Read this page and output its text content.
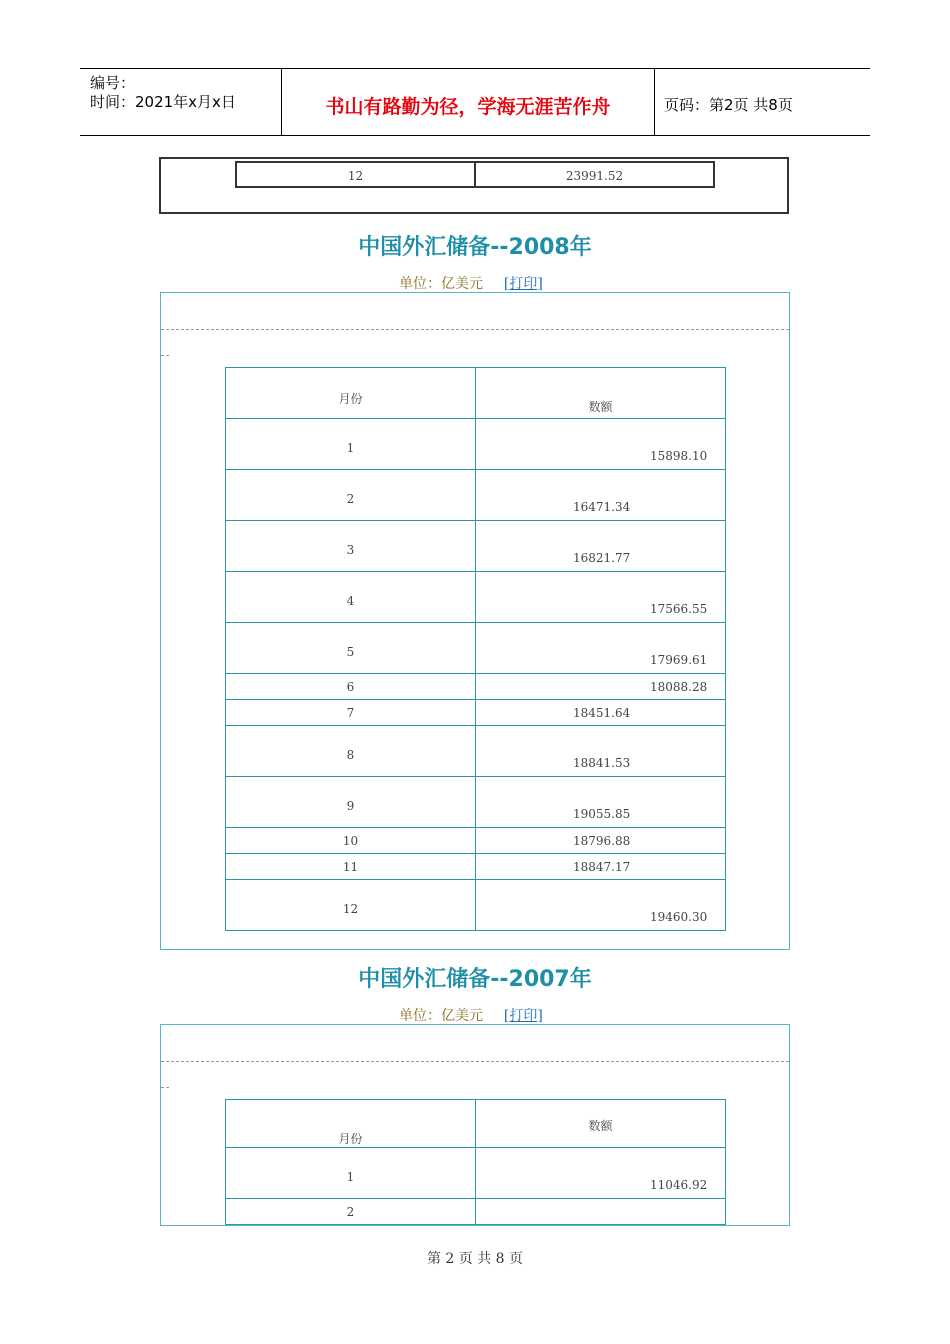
编号：
时间：2021年x月x日	书山有路勤为径，学海无涯苦作舟	页码：第2页 共8页
12	23991.52
中国外汇储备--2008年
单位：亿美元 [打印]
月份	数额

1	15898.10

2	16471.34

3	16821.77

4	17566.55

5	17969.61

6	18088.28

7	18451.64

8	18841.53

9	19055.85

10	18796.88

11	18847.17

12	19460.30
中国外汇储备--2007年
单位：亿美元 [打印]
月份	数额

1	11046.92

2	

第 2 页 共 8 页
